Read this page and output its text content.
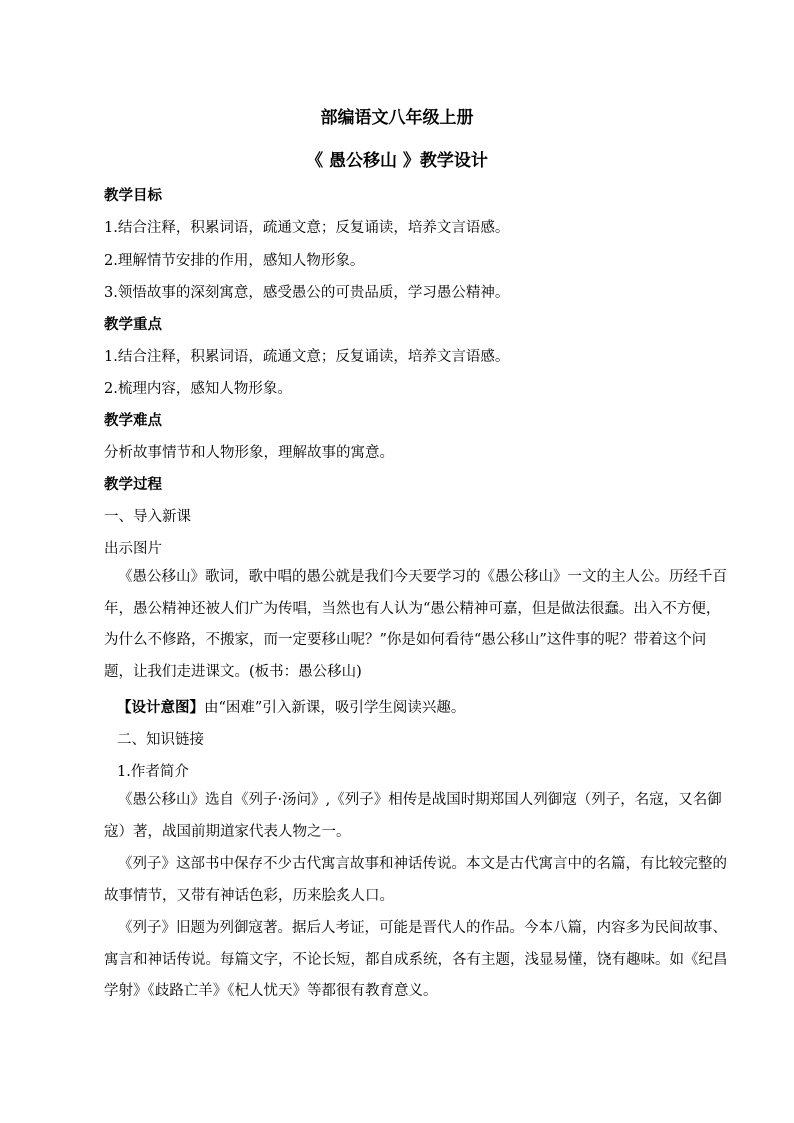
部编语文八年级上册
《 愚公移山 》教学设计
教学目标
1.结合注释，积累词语，疏通文意；反复诵读，培养文言语感。
2.理解情节安排的作用，感知人物形象。
3.领悟故事的深刻寓意，感受愚公的可贵品质，学习愚公精神。
教学重点
1.结合注释，积累词语，疏通文意；反复诵读，培养文言语感。
2.梳理内容，感知人物形象。
教学难点
分析故事情节和人物形象，理解故事的寓意。
教学过程
一、导入新课
出示图片
《愚公移山》歌词，歌中唱的愚公就是我们今天要学习的《愚公移山》一文的主人公。历经千百年，愚公精神还被人们广为传唱，当然也有人认为“愚公精神可嘉，但是做法很蠢。出入不方便，为什么不修路，不搬家，而一定要移山呢？”你是如何看待“愚公移山”这件事的呢？带着这个问题，让我们走进课文。(板书：愚公移山)
【设计意图】由“困难”引入新课，吸引学生阅读兴趣。
二、知识链接
1.作者简介
《愚公移山》选自《列子·汤问》,《列子》相传是战国时期郑国人列御寇（列子，名寇，又名御寇）著，战国前期道家代表人物之一。
《列子》这部书中保存不少古代寓言故事和神话传说。本文是古代寓言中的名篇，有比较完整的故事情节，又带有神话色彩，历来脍炙人口。
《列子》旧题为列御寇著。据后人考证，可能是晋代人的作品。今本八篇，内容多为民间故事、寓言和神话传说。每篇文字，不论长短，都自成系统，各有主题，浅显易懂，饶有趣味。如《纪昌学射》《歧路亡羊》《杞人忧天》等都很有教育意义。
